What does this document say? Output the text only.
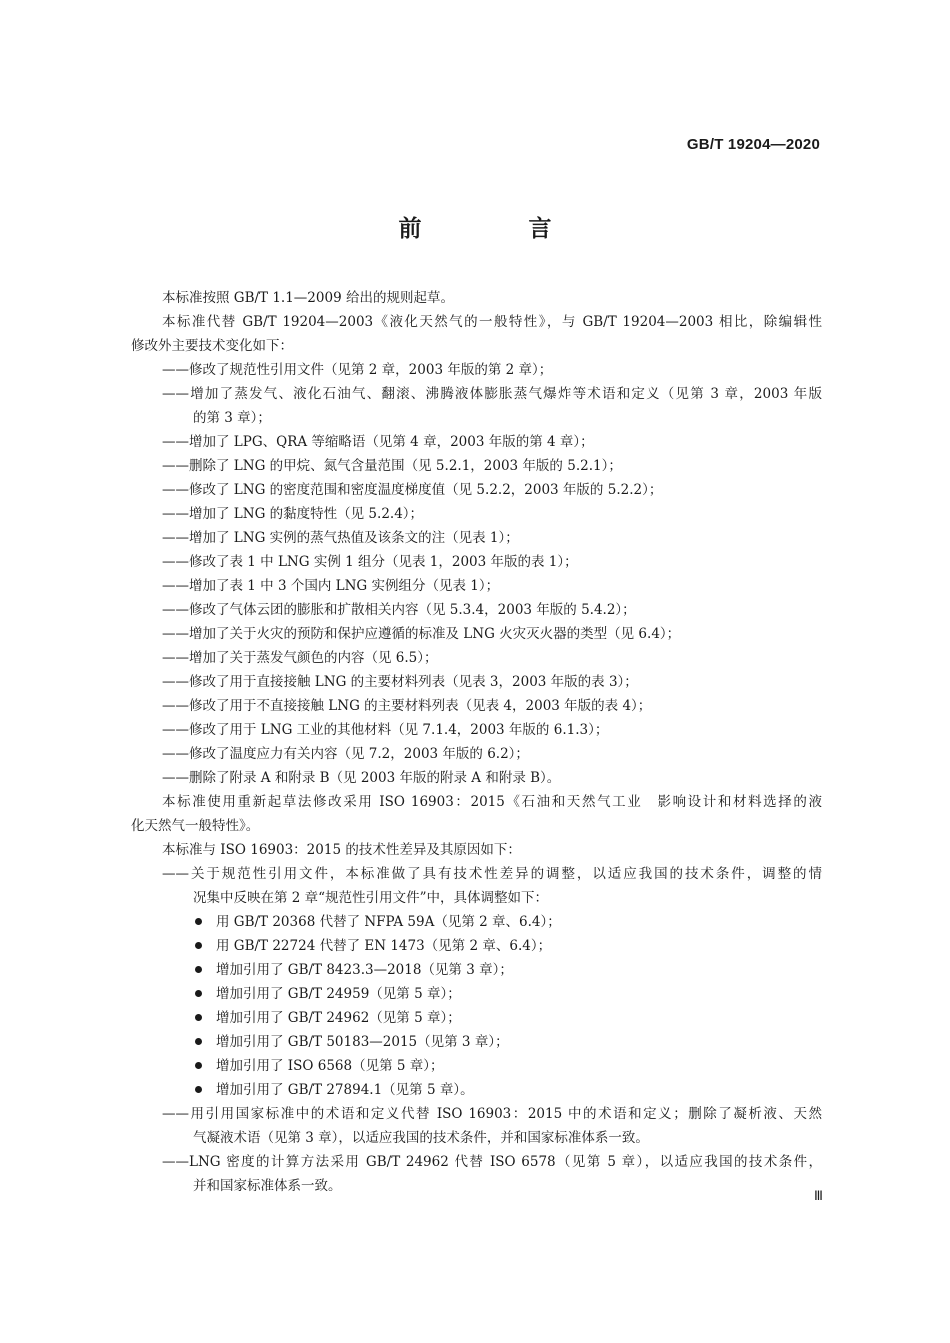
GB/T 19204—2020
前　言
本标准按照 GB/T 1.1—2009 给出的规则起草。
本标准代替 GB/T 19204—2003《液化天然气的一般特性》，与 GB/T 19204—2003 相比，除编辑性
修改外主要技术变化如下：
——修改了规范性引用文件（见第 2 章，2003 年版的第 2 章）；
——增加了蒸发气、液化石油气、翻滚、沸腾液体膨胀蒸气爆炸等术语和定义（见第 3 章，2003 年版
的第 3 章）；
——增加了 LPG、QRA 等缩略语（见第 4 章，2003 年版的第 4 章）；
——删除了 LNG 的甲烷、氮气含量范围（见 5.2.1，2003 年版的 5.2.1）；
——修改了 LNG 的密度范围和密度温度梯度值（见 5.2.2，2003 年版的 5.2.2）；
——增加了 LNG 的黏度特性（见 5.2.4）；
——增加了 LNG 实例的蒸气热值及该条文的注（见表 1）；
——修改了表 1 中 LNG 实例 1 组分（见表 1，2003 年版的表 1）；
——增加了表 1 中 3 个国内 LNG 实例组分（见表 1）；
——修改了气体云团的膨胀和扩散相关内容（见 5.3.4，2003 年版的 5.4.2）；
——增加了关于火灾的预防和保护应遵循的标准及 LNG 火灾灭火器的类型（见 6.4）；
——增加了关于蒸发气颜色的内容（见 6.5）；
——修改了用于直接接触 LNG 的主要材料列表（见表 3，2003 年版的表 3）；
——修改了用于不直接接触 LNG 的主要材料列表（见表 4，2003 年版的表 4）；
——修改了用于 LNG 工业的其他材料（见 7.1.4，2003 年版的 6.1.3）；
——修改了温度应力有关内容（见 7.2，2003 年版的 6.2）；
——删除了附录 A 和附录 B（见 2003 年版的附录 A 和附录 B）。
本标准使用重新起草法修改采用 ISO 16903：2015《石油和天然气工业　影响设计和材料选择的液
化天然气一般特性》。
本标准与 ISO 16903：2015 的技术性差异及其原因如下：
——关于规范性引用文件，本标准做了具有技术性差异的调整，以适应我国的技术条件，调整的情
况集中反映在第 2 章“规范性引用文件”中，具体调整如下：
用 GB/T 20368 代替了 NFPA 59A（见第 2 章、6.4）；
用 GB/T 22724 代替了 EN 1473（见第 2 章、6.4）；
增加引用了 GB/T 8423.3—2018（见第 3 章）；
增加引用了 GB/T 24959（见第 5 章）；
增加引用了 GB/T 24962（见第 5 章）；
增加引用了 GB/T 50183—2015（见第 3 章）；
增加引用了 ISO 6568（见第 5 章）；
增加引用了 GB/T 27894.1（见第 5 章）。
——用引用国家标准中的术语和定义代替 ISO 16903：2015 中的术语和定义；删除了凝析液、天然
气凝液术语（见第 3 章），以适应我国的技术条件，并和国家标准体系一致。
——LNG 密度的计算方法采用 GB/T 24962 代替 ISO 6578（见第 5 章），以适应我国的技术条件，
并和国家标准体系一致。
Ⅲ
